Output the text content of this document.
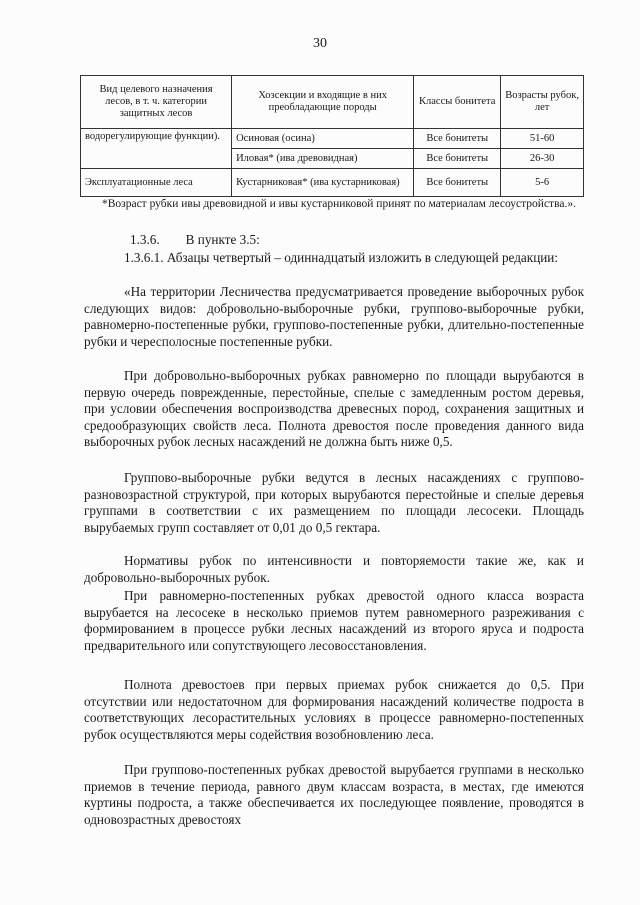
30
Вид целевого назначения лесов, в т. ч. категории защитных лесов	Хозсекции и входящие в них преобладающие породы	Классы бонитета	Возрасты рубок, лет
водорегулирующие функции).	Осиновая (осина)	Все бонитеты	51-60
	Иловая* (ива древовидная)	Все бонитеты	26-30
Эксплуатационные леса	Кустарниковая* (ива кустарниковая)	Все бонитеты	5-6
*Возраст рубки ивы древовидной и ивы кустарниковой принят по материалам лесоустройства.».
1.3.6. В пункте 3.5:
1.3.6.1. Абзацы четвертый – одиннадцатый изложить в следующей редакции:
«На территории Лесничества предусматривается проведение выборочных рубок следующих видов: добровольно-выборочные рубки, группово-выборочные рубки, равномерно-постепенные рубки, группово-постепенные рубки, длительно-постепенные рубки и чересполосные постепенные рубки.
При добровольно-выборочных рубках равномерно по площади вырубаются в первую очередь поврежденные, перестойные, спелые с замедленным ростом деревья, при условии обеспечения воспроизводства древесных пород, сохранения защитных и средообразующих свойств леса. Полнота древостоя после проведения данного вида выборочных рубок лесных насаждений не должна быть ниже 0,5.
Группово-выборочные рубки ведутся в лесных насаждениях с группово-разновозрастной структурой, при которых вырубаются перестойные и спелые деревья группами в соответствии с их размещением по площади лесосеки. Площадь вырубаемых групп составляет от 0,01 до 0,5 гектара.
Нормативы рубок по интенсивности и повторяемости такие же, как и добровольно-выборочных рубок.
При равномерно-постепенных рубках древостой одного класса возраста вырубается на лесосеке в несколько приемов путем равномерного разреживания с формированием в процессе рубки лесных насаждений из второго яруса и подроста предварительного или сопутствующего лесовосстановления.
Полнота древостоев при первых приемах рубок снижается до 0,5. При отсутствии или недостаточном для формирования насаждений количестве подроста в соответствующих лесорастительных условиях в процессе равномерно-постепенных рубок осуществляются меры содействия возобновлению леса.
При группово-постепенных рубках древостой вырубается группами в несколько приемов в течение периода, равного двум классам возраста, в местах, где имеются куртины подроста, а также обеспечивается их последующее появление, проводятся в одновозрастных древостоях
